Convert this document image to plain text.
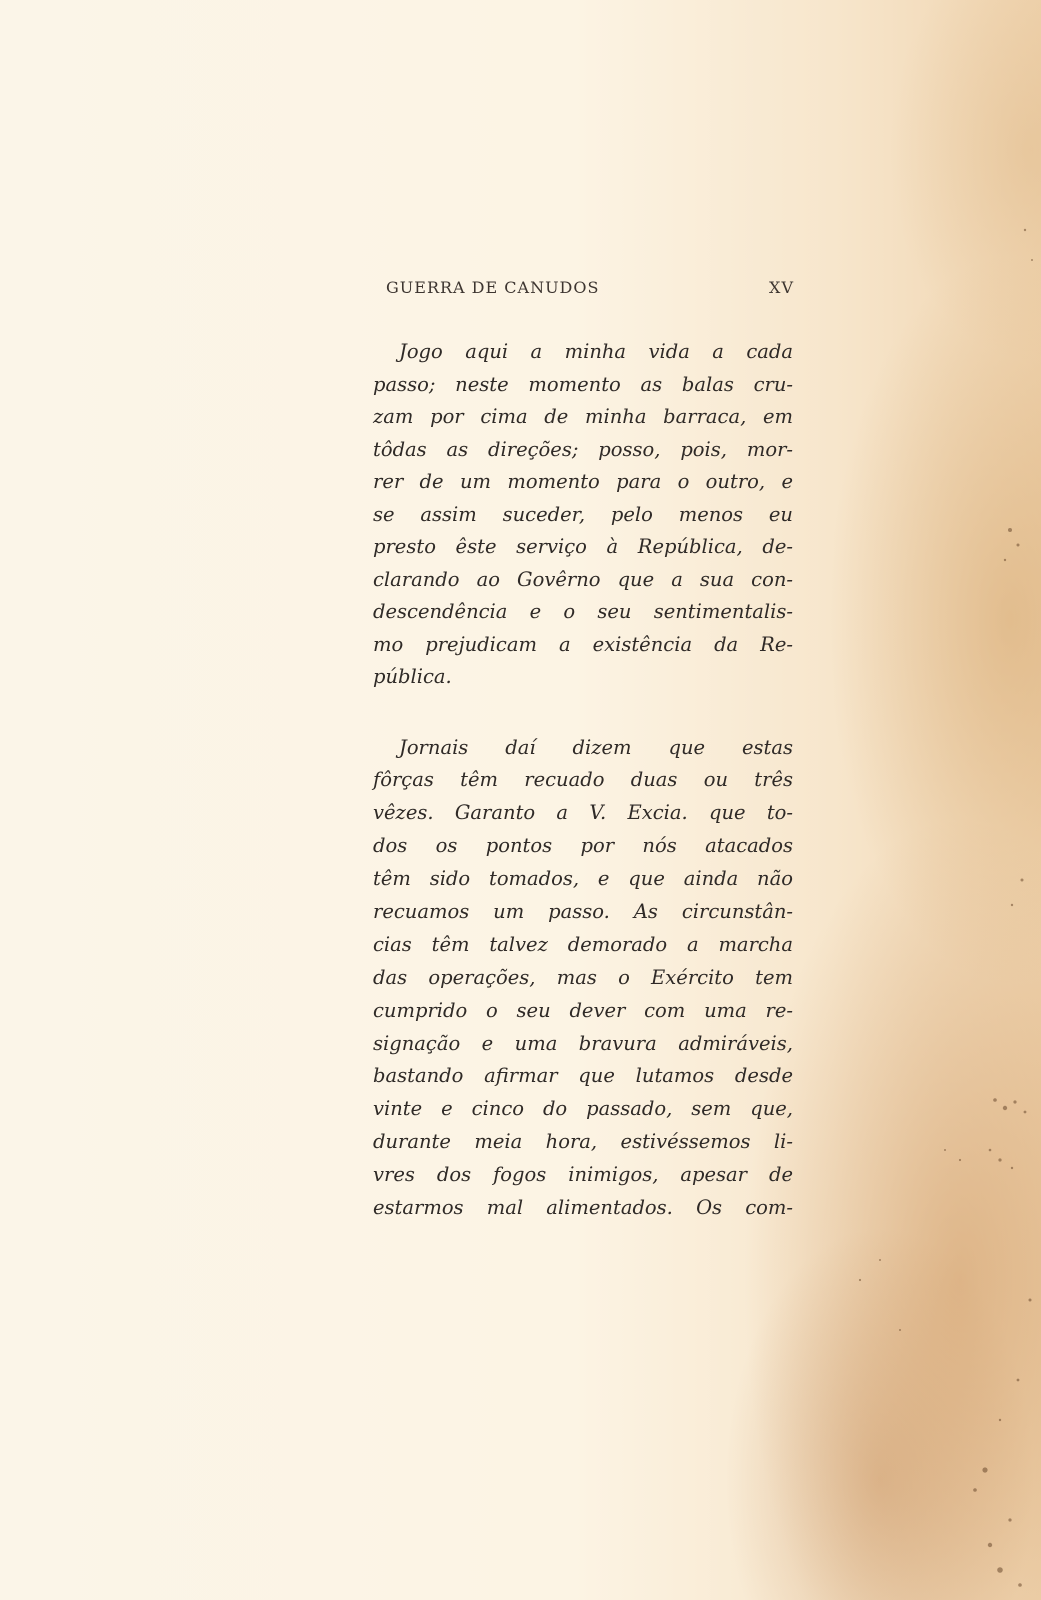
GUERRA DE CANUDOS	XV

Jogo aqui a minha vida a cada
passo; neste momento as balas cru-
zam por cima de minha barraca, em
tôdas as direções; posso, pois, mor-
rer de um momento para o outro, e
se assim suceder, pelo menos eu
presto êste serviço à República, de-
clarando ao Govêrno que a sua con-
descendência e o seu sentimentalis-
mo prejudicam a existência da Re-
pública.

Jornais daí dizem que estas
fôrças têm recuado duas ou três
vêzes. Garanto a V. Excia. que to-
dos os pontos por nós atacados
têm sido tomados, e que ainda não
recuamos um passo. As circunstân-
cias têm talvez demorado a marcha
das operações, mas o Exército tem
cumprido o seu dever com uma re-
signação e uma bravura admiráveis,
bastando afirmar que lutamos desde
vinte e cinco do passado, sem que,
durante meia hora, estivéssemos li-
vres dos fogos inimigos, apesar de
estarmos mal alimentados. Os com-
